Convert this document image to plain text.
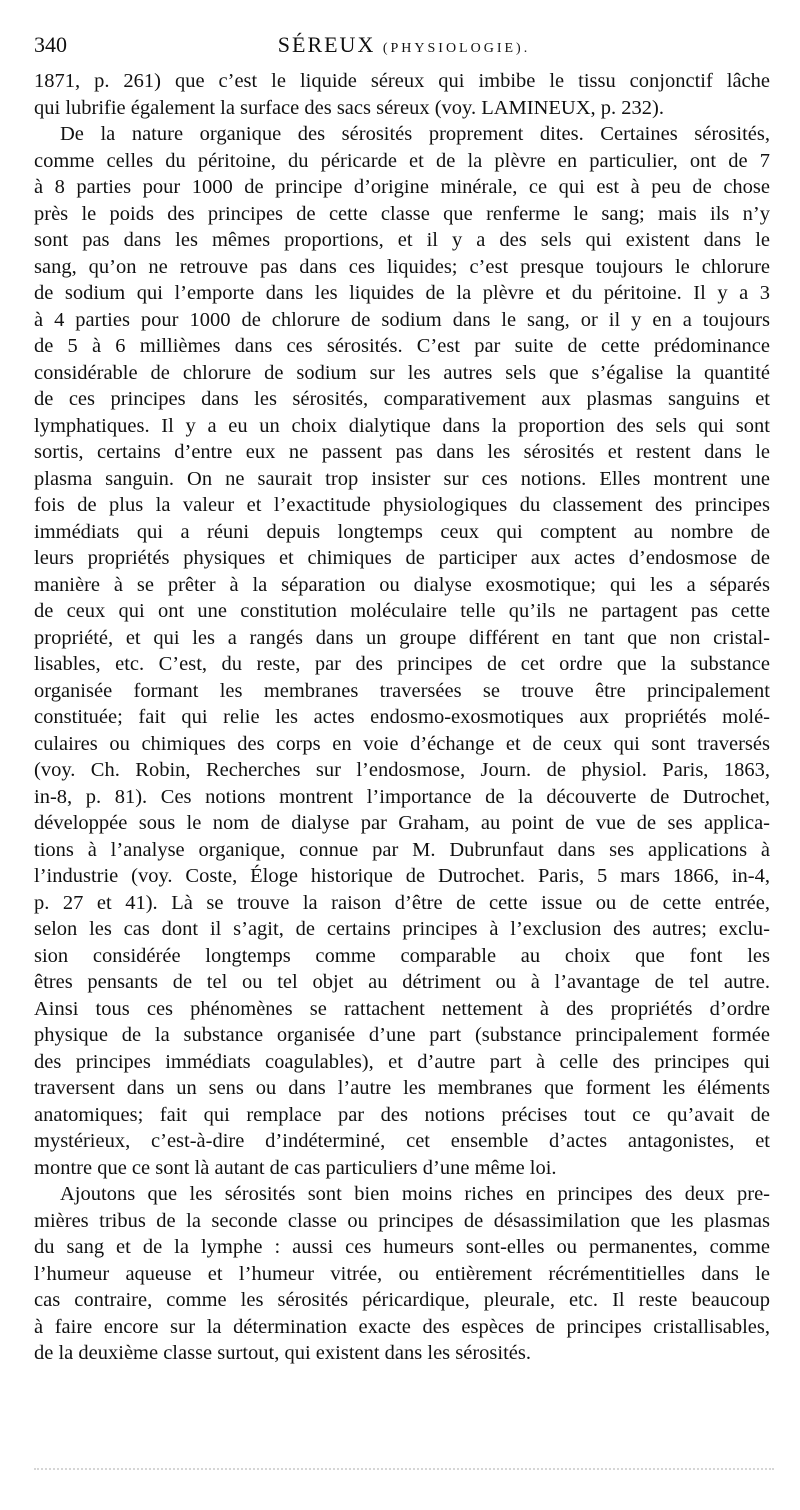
340	SÉREUX (PHYSIOLOGIE).
1871, p. 261) que c’est le liquide séreux qui imbibe le tissu conjonctif lâche
qui lubrifie également la surface des sacs séreux (voy. LAMINEUX, p. 232).
De la nature organique des sérosités proprement dites. Certaines sérosités,
comme celles du péritoine, du péricarde et de la plèvre en particulier, ont de 7
à 8 parties pour 1000 de principe d’origine minérale, ce qui est à peu de chose
près le poids des principes de cette classe que renferme le sang; mais ils n’y
sont pas dans les mêmes proportions, et il y a des sels qui existent dans le
sang, qu’on ne retrouve pas dans ces liquides; c’est presque toujours le chlorure
de sodium qui l’emporte dans les liquides de la plèvre et du péritoine. Il y a 3
à 4 parties pour 1000 de chlorure de sodium dans le sang, or il y en a toujours
de 5 à 6 millièmes dans ces sérosités. C’est par suite de cette prédominance
considérable de chlorure de sodium sur les autres sels que s’égalise la quantité
de ces principes dans les sérosités, comparativement aux plasmas sanguins et
lymphatiques. Il y a eu un choix dialytique dans la proportion des sels qui sont
sortis, certains d’entre eux ne passent pas dans les sérosités et restent dans le
plasma sanguin. On ne saurait trop insister sur ces notions. Elles montrent une
fois de plus la valeur et l’exactitude physiologiques du classement des principes
immédiats qui a réuni depuis longtemps ceux qui comptent au nombre de
leurs propriétés physiques et chimiques de participer aux actes d’endosmose de
manière à se prêter à la séparation ou dialyse exosmotique; qui les a séparés
de ceux qui ont une constitution moléculaire telle qu’ils ne partagent pas cette
propriété, et qui les a rangés dans un groupe différent en tant que non cristal-
lisables, etc. C’est, du reste, par des principes de cet ordre que la substance
organisée formant les membranes traversées se trouve être principalement
constituée; fait qui relie les actes endosmo-exosmotiques aux propriétés molé-
culaires ou chimiques des corps en voie d’échange et de ceux qui sont traversés
(voy. Ch. Robin, Recherches sur l’endosmose, Journ. de physiol. Paris, 1863,
in-8, p. 81). Ces notions montrent l’importance de la découverte de Dutrochet,
développée sous le nom de dialyse par Graham, au point de vue de ses applica-
tions à l’analyse organique, connue par M. Dubrunfaut dans ses applications à
l’industrie (voy. Coste, Éloge historique de Dutrochet. Paris, 5 mars 1866, in-4,
p. 27 et 41). Là se trouve la raison d’être de cette issue ou de cette entrée,
selon les cas dont il s’agit, de certains principes à l’exclusion des autres; exclu-
sion considérée longtemps comme comparable au choix que font les
êtres pensants de tel ou tel objet au détriment ou à l’avantage de tel autre.
Ainsi tous ces phénomènes se rattachent nettement à des propriétés d’ordre
physique de la substance organisée d’une part (substance principalement formée
des principes immédiats coagulables), et d’autre part à celle des principes qui
traversent dans un sens ou dans l’autre les membranes que forment les éléments
anatomiques; fait qui remplace par des notions précises tout ce qu’avait de
mystérieux, c’est-à-dire d’indéterminé, cet ensemble d’actes antagonistes, et
montre que ce sont là autant de cas particuliers d’une même loi.
Ajoutons que les sérosités sont bien moins riches en principes des deux pre-
mières tribus de la seconde classe ou principes de désassimilation que les plasmas
du sang et de la lymphe : aussi ces humeurs sont-elles ou permanentes, comme
l’humeur aqueuse et l’humeur vitrée, ou entièrement récrémentitielles dans le
cas contraire, comme les sérosités péricardique, pleurale, etc. Il reste beaucoup
à faire encore sur la détermination exacte des espèces de principes cristallisables,
de la deuxième classe surtout, qui existent dans les sérosités.
